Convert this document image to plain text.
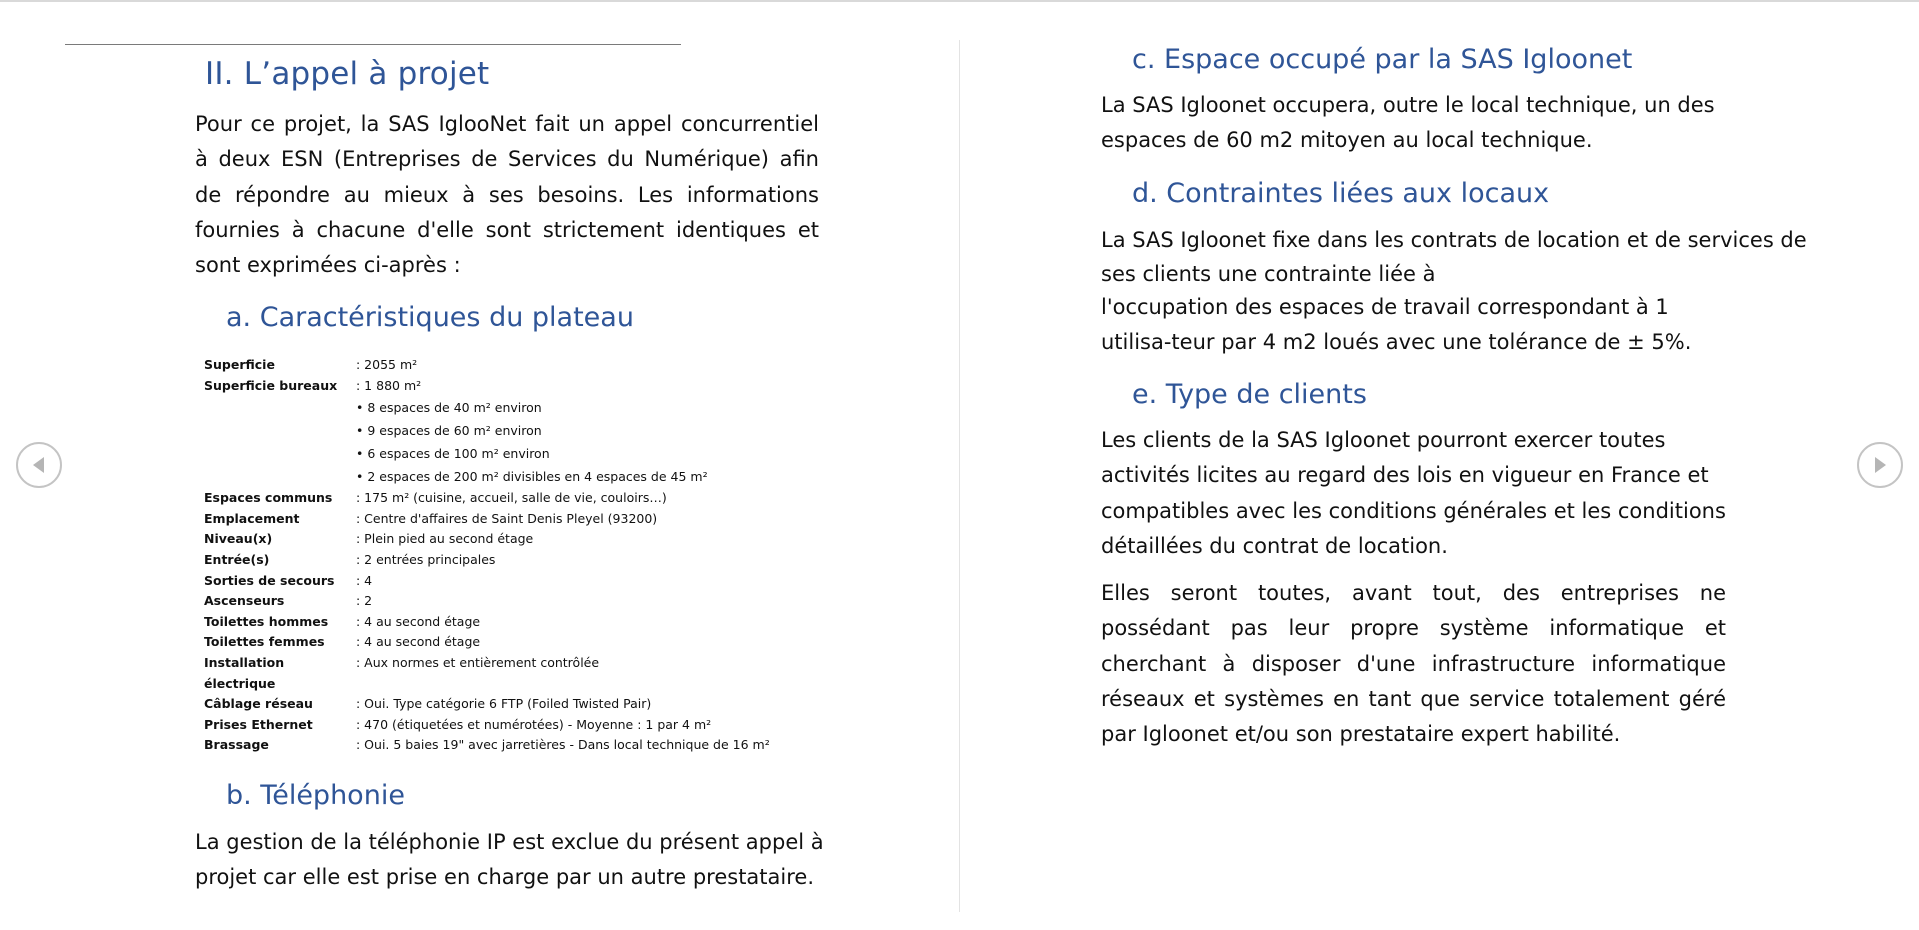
II. L’appel à projet

Pour ce projet, la SAS IglooNet fait un appel concurrentiel à deux ESN (Entreprises de Services du Numérique) afin de répondre au mieux à ses besoins. Les informations fournies à chacune d'elle sont strictement identiques et sont exprimées ci-après :

a. Caractéristiques du plateau
Superficie	: 2055 m²
Superficie bureaux	: 1 880 m²
	• 8 espaces de 40 m² environ
	• 9 espaces de 60 m² environ
	• 6 espaces de 100 m² environ
	• 2 espaces de 200 m² divisibles en 4 espaces de 45 m²
Espaces communs	: 175 m² (cuisine, accueil, salle de vie, couloirs…)
Emplacement	: Centre d'affaires de Saint Denis Pleyel (93200)
Niveau(x)	: Plein pied au second étage
Entrée(s)	: 2 entrées principales
Sorties de secours	: 4
Ascenseurs	: 2
Toilettes hommes	: 4 au second étage
Toilettes femmes	: 4 au second étage
Installation électrique	: Aux normes et entièrement contrôlée
Câblage réseau	: Oui. Type catégorie 6 FTP (Foiled Twisted Pair)
Prises Ethernet	: 470 (étiquetées et numérotées) - Moyenne : 1 par 4 m²
Brassage	: Oui. 5 baies 19" avec jarretières - Dans local technique de 16 m²
b. Téléphonie

La gestion de la téléphonie IP est exclue du présent appel à projet car elle est prise en charge par un autre prestataire.

c. Espace occupé par la SAS Igloonet

La SAS Igloonet occupera, outre le local technique, un des espaces de 60 m2 mitoyen au local technique.

d. Contraintes liées aux locaux

La SAS Igloonet fixe dans les contrats de location et de services de ses clients une contrainte liée à

l'occupation des espaces de travail correspondant à 1 utilisa-teur par 4 m2 loués avec une tolérance de ± 5%.

e. Type de clients

Les clients de la SAS Igloonet pourront exercer toutes activités licites au regard des lois en vigueur en France et compatibles avec les conditions générales et les conditions détaillées du contrat de location.

Elles seront toutes, avant tout, des entreprises ne possédant pas leur propre système informatique et cherchant à disposer d'une infrastructure informatique réseaux et systèmes en tant que service totalement géré par Igloonet et/ou son prestataire expert habilité.
